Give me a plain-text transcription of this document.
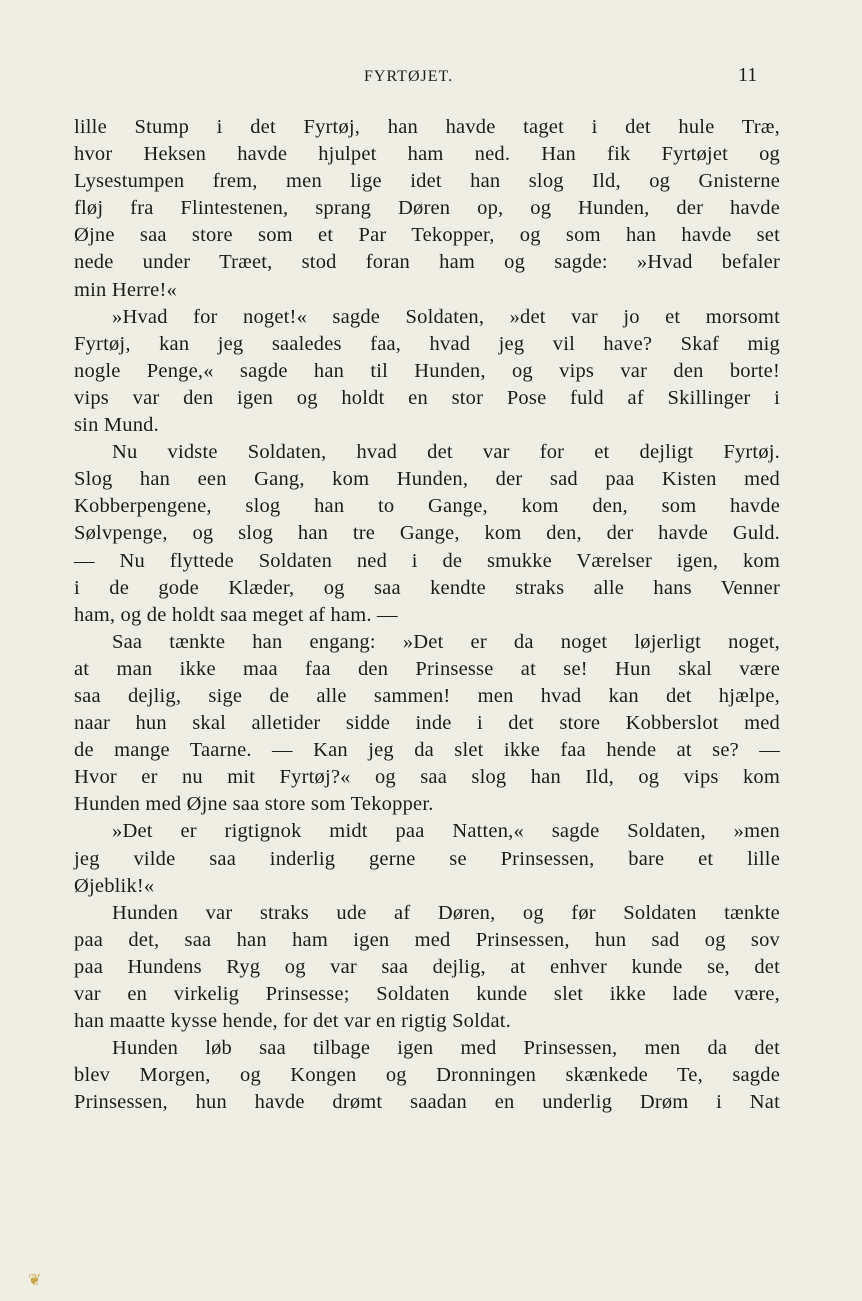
FYRTØJET.	11
lille Stump i det Fyrtøj, han havde taget i det hule Træ,
hvor Heksen havde hjulpet ham ned. Han fik Fyrtøjet og
Lysestumpen frem, men lige idet han slog Ild, og Gnisterne
fløj fra Flintestenen, sprang Døren op, og Hunden, der havde
Øjne saa store som et Par Tekopper, og som han havde set
nede under Træet, stod foran ham og sagde: »Hvad befaler
min Herre!«
»Hvad for noget!« sagde Soldaten, »det var jo et morsomt
Fyrtøj, kan jeg saaledes faa, hvad jeg vil have? Skaf mig
nogle Penge,« sagde han til Hunden, og vips var den borte!
vips var den igen og holdt en stor Pose fuld af Skillinger i
sin Mund.
Nu vidste Soldaten, hvad det var for et dejligt Fyrtøj.
Slog han een Gang, kom Hunden, der sad paa Kisten med
Kobberpengene, slog han to Gange, kom den, som havde
Sølvpenge, og slog han tre Gange, kom den, der havde Guld.
— Nu flyttede Soldaten ned i de smukke Værelser igen, kom
i de gode Klæder, og saa kendte straks alle hans Venner
ham, og de holdt saa meget af ham. —
Saa tænkte han engang: »Det er da noget løjerligt noget,
at man ikke maa faa den Prinsesse at se! Hun skal være
saa dejlig, sige de alle sammen! men hvad kan det hjælpe,
naar hun skal alletider sidde inde i det store Kobberslot med
de mange Taarne. — Kan jeg da slet ikke faa hende at se? —
Hvor er nu mit Fyrtøj?« og saa slog han Ild, og vips kom
Hunden med Øjne saa store som Tekopper.
»Det er rigtignok midt paa Natten,« sagde Soldaten, »men
jeg vilde saa inderlig gerne se Prinsessen, bare et lille
Øjeblik!«
Hunden var straks ude af Døren, og før Soldaten tænkte
paa det, saa han ham igen med Prinsessen, hun sad og sov
paa Hundens Ryg og var saa dejlig, at enhver kunde se, det
var en virkelig Prinsesse; Soldaten kunde slet ikke lade være,
han maatte kysse hende, for det var en rigtig Soldat.
Hunden løb saa tilbage igen med Prinsessen, men da det
blev Morgen, og Kongen og Dronningen skænkede Te, sagde
Prinsessen, hun havde drømt saadan en underlig Drøm i Nat
❦
